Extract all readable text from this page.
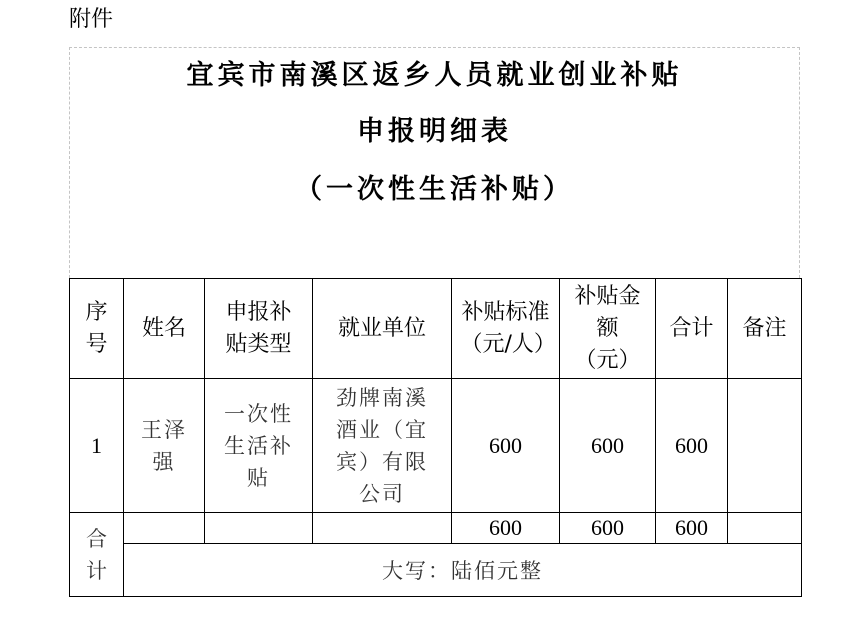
附件
宜宾市南溪区返乡人员就业创业补贴
申报明细表
（一次性生活补贴）
序号	姓名	申报补贴类型	就业单位	补贴标准（元/人）	补贴金额（元）	合计	备注
1	王泽强	一次性生活补贴	劲牌南溪酒业（宜宾）有限公司	600	600	600	

合计				600	600	600	
	大写：陆佰元整						
